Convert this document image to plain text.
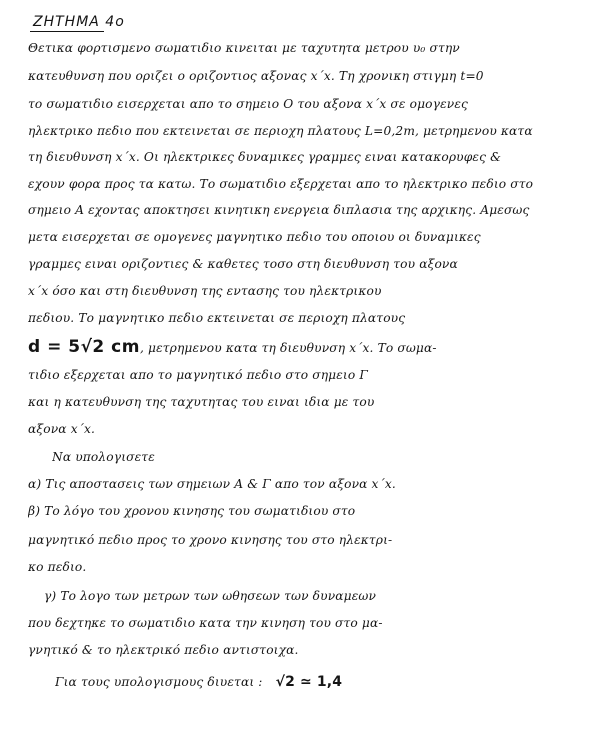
ΖΗΤΗΜΑ 4ο
Θετικα φορτισμενο σωματιδιο κινειται με ταχυτητα μετρου υ₀ στην
κατευθυνση που οριζει ο οριζοντιος αξονας x΄x. Τη χρονικη στιγμη t=0
το σωματιδιο εισερχεται απο το σημειο O του αξονα x΄x σε ομογενες
ηλεκτρικο πεδιο που εκτεινεται σε περιοχη πλατους L=0,2m, μετρημενου κατα
τη διευθυνση x΄x. Οι ηλεκτρικες δυναμικες γραμμες ειναι κατακορυφες &
εχουν φορα προς τα κατω. Το σωματιδιο εξερχεται απο το ηλεκτρικο πεδιο στο
σημειο Α εχοντας αποκτησει κινητικη ενεργεια διπλασια της αρχικης. Αμεσως
μετα εισερχεται σε ομογενες μαγνητικο πεδιο του οποιου οι δυναμικες
γραμμες ειναι οριζοντιες & καθετες τοσο στη διευθυνση του αξονα
x΄x όσο και στη διευθυνση της εντασης του ηλεκτρικου
πεδιου. Το μαγνητικο πεδιο εκτεινεται σε περιοχη πλατους
d = 5√2 cm, μετρημενου κατα τη διευθυνση x΄x. Το σωμα-
τιδιο εξερχεται απο το μαγνητικό πεδιο στο σημειο Γ
και η κατευθυνση της ταχυτητας του ειναι ιδια με του
αξονα x΄x.
Να υπολογισετε
α) Τις αποστασεις των σημειων Α & Γ απο τον αξονα x΄x.
β) Το λόγο του χρονου κινησης του σωματιδιου στο
μαγνητικό πεδιο προς το χρονο κινησης του στο ηλεκτρι-
κο πεδιο.
γ) Το λογο των μετρων των ωθησεων των δυναμεων
που δεχτηκε το σωματιδιο κατα την κινηση του στο μα-
γνητικό & το ηλεκτρικό πεδιο αντιστοιχα.
Για τους υπολογισμους διυεται : √2 ≃ 1,4
